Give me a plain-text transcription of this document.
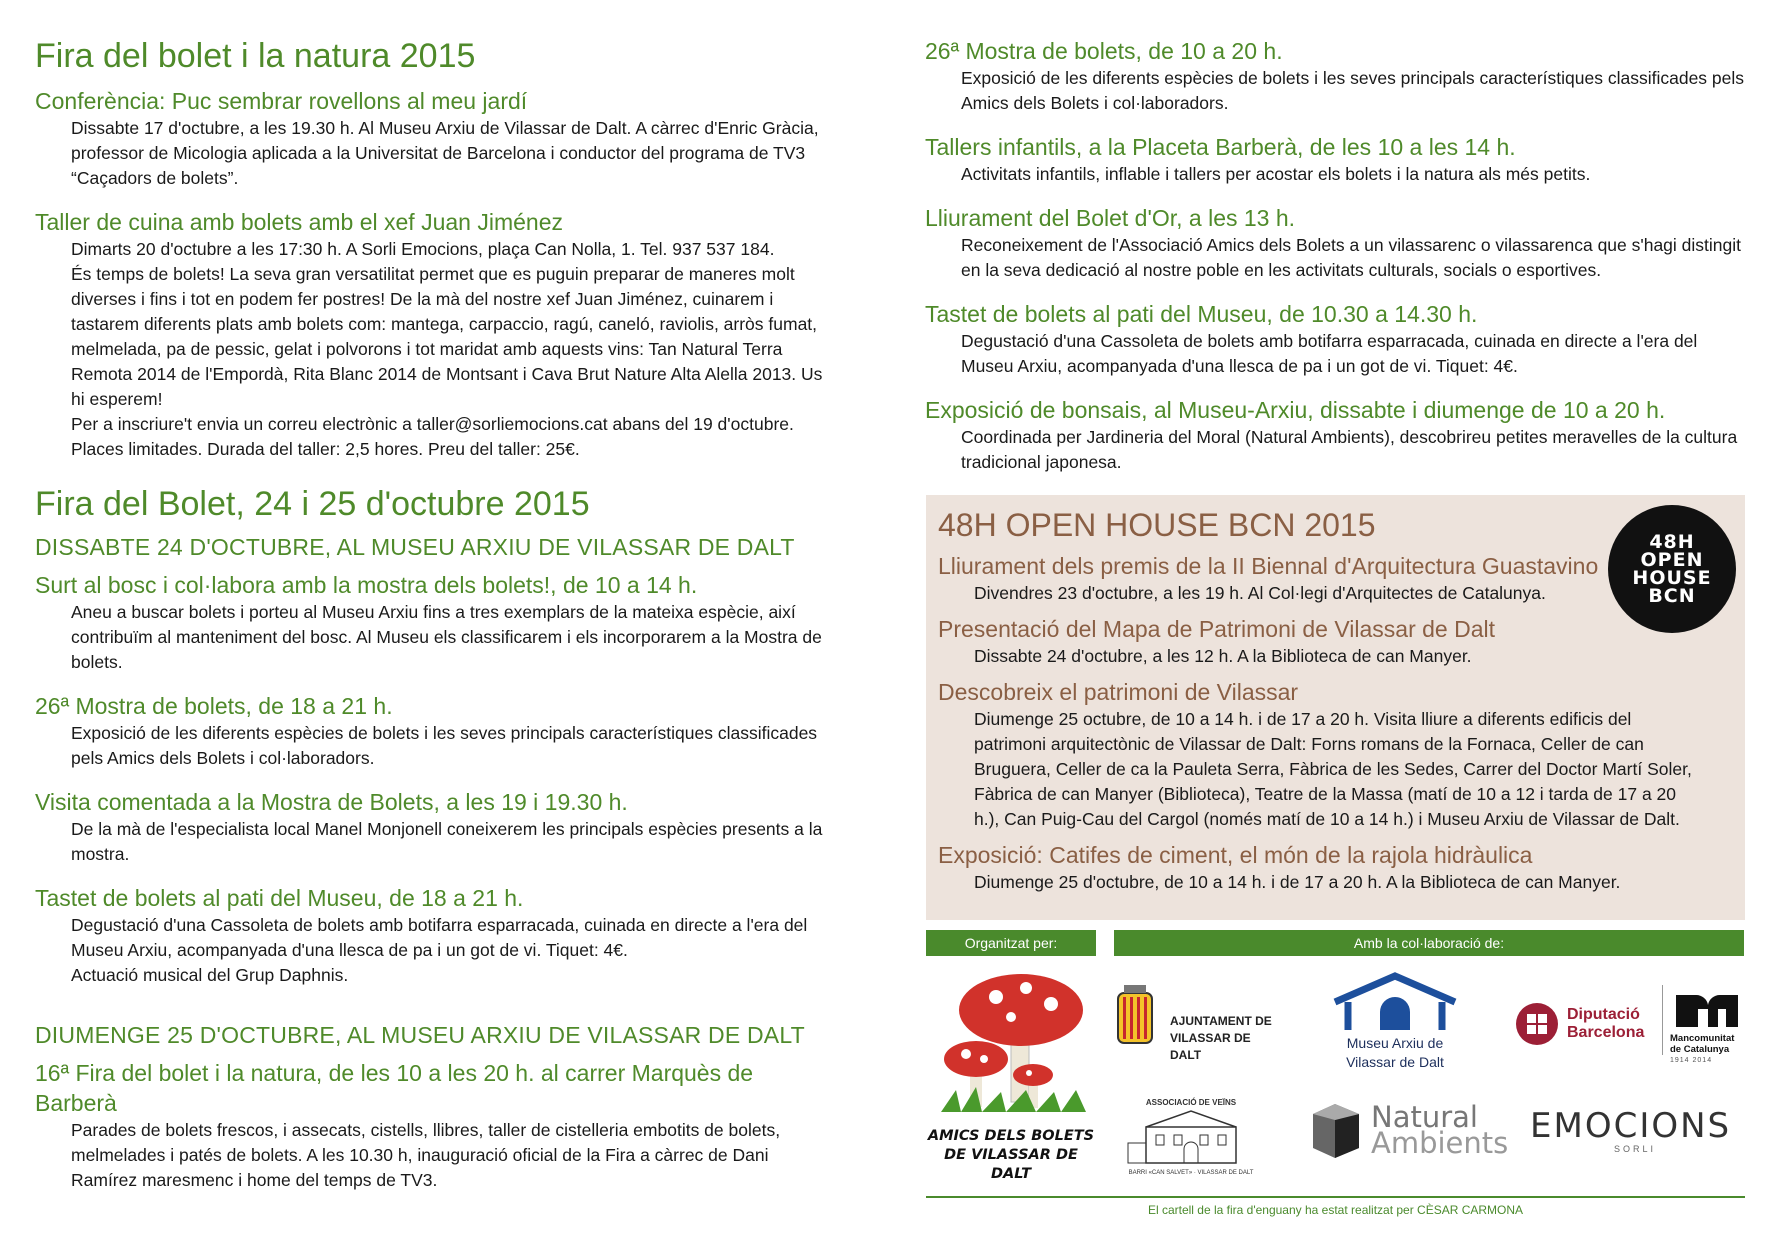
Fira del bolet i la natura 2015
Conferència: Puc sembrar rovellons al meu jardí

Dissabte 17 d'octubre, a les 19.30 h. Al Museu Arxiu de Vilassar de Dalt. A càrrec d'Enric Gràcia, professor de Micologia aplicada a la Universitat de Barcelona i conductor del programa de TV3 “Caçadors de bolets”.

Taller de cuina amb bolets amb el xef Juan Jiménez

Dimarts 20 d'octubre a les 17:30 h. A Sorli Emocions, plaça Can Nolla, 1. Tel. 937 537 184.

És temps de bolets! La seva gran versatilitat permet que es puguin preparar de maneres molt diverses i fins i tot en podem fer postres! De la mà del nostre xef Juan Jiménez, cuinarem i tastarem diferents plats amb bolets com: mantega, carpaccio, ragú, caneló, raviolis, arròs fumat, melmelada, pa de pessic, gelat i polvorons i tot maridat amb aquests vins: Tan Natural Terra Remota 2014 de l'Empordà, Rita Blanc 2014 de Montsant i Cava Brut Nature Alta Alella 2013. Us hi esperem!

Per a inscriure't envia un correu electrònic a taller@sorliemocions.cat abans del 19 d'octubre. Places limitades. Durada del taller: 2,5 hores. Preu del taller: 25€.

Fira del Bolet, 24 i 25 d'octubre 2015
DISSABTE 24 D'OCTUBRE, AL MUSEU ARXIU DE VILASSAR DE DALT
Surt al bosc i col·labora amb la mostra dels bolets!, de 10 a 14 h.

Aneu a buscar bolets i porteu al Museu Arxiu fins a tres exemplars de la mateixa espècie, així contribuïm al manteniment del bosc. Al Museu els classificarem i els incorporarem a la Mostra de bolets.

26ª Mostra de bolets, de 18 a 21 h.

Exposició de les diferents espècies de bolets i les seves principals característiques classificades pels Amics dels Bolets i col·laboradors.

Visita comentada a la Mostra de Bolets, a les 19 i 19.30 h.

De la mà de l'especialista local Manel Monjonell coneixerem les principals espècies presents a la mostra.

Tastet de bolets al pati del Museu, de 18 a 21 h.

Degustació d'una Cassoleta de bolets amb botifarra esparracada, cuinada en directe a l'era del Museu Arxiu, acompanyada d'una llesca de pa i un got de vi. Tiquet: 4€.

Actuació musical del Grup Daphnis.

DIUMENGE 25 D'OCTUBRE, AL MUSEU ARXIU DE VILASSAR DE DALT
16ª Fira del bolet i la natura, de les 10 a les 20 h. al carrer Marquès de Barberà

Parades de bolets frescos, i assecats, cistells, llibres, taller de cistelleria embotits de bolets, melmelades i patés de bolets. A les 10.30 h, inauguració oficial de la Fira a càrrec de Dani Ramírez maresmenc i home del temps de TV3.

26ª Mostra de bolets, de 10 a 20 h.

Exposició de les diferents espècies de bolets i les seves principals característiques classificades pels Amics dels Bolets i col·laboradors.

Tallers infantils, a la Placeta Barberà, de les 10 a les 14 h.

Activitats infantils, inflable i tallers per acostar els bolets i la natura als més petits.

Lliurament del Bolet d'Or, a les 13 h.

Reconeixement de l'Associació Amics dels Bolets a un vilassarenc o vilassarenca que s'hagi distingit en la seva dedicació al nostre poble en les activitats culturals, socials o esportives.

Tastet de bolets al pati del Museu, de 10.30 a 14.30 h.

Degustació d'una Cassoleta de bolets amb botifarra esparracada, cuinada en directe a l'era del Museu Arxiu, acompanyada d'una llesca de pa i un got de vi. Tiquet: 4€.

Exposició de bonsais, al Museu-Arxiu, dissabte i diumenge de 10 a 20 h.

Coordinada per Jardineria del Moral (Natural Ambients), descobrireu petites meravelles de la cultura tradicional japonesa.

48H OPEN HOUSE BCN 2015
Lliurament dels premis de la II Biennal d'Arquitectura Guastavino

Divendres 23 d'octubre, a les 19 h. Al Col·legi d'Arquitectes de Catalunya.

Presentació del Mapa de Patrimoni de Vilassar de Dalt

Dissabte 24 d'octubre, a les 12 h. A la Biblioteca de can Manyer.

Descobreix el patrimoni de Vilassar

Diumenge 25 octubre, de 10 a 14 h. i de 17 a 20 h. Visita lliure a diferents edificis del patrimoni arquitectònic de Vilassar de Dalt: Forns romans de la Fornaca, Celler de can Bruguera, Celler de ca la Pauleta Serra, Fàbrica de les Sedes, Carrer del Doctor Martí Soler, Fàbrica de can Manyer (Biblioteca), Teatre de la Massa (matí de 10 a 12 i tarda de 17 a 20 h.), Can Puig-Cau del Cargol (només matí de 10 a 14 h.) i Museu Arxiu de Vilassar de Dalt.

Exposició: Catifes de ciment, el món de la rajola hidràulica

Diumenge 25 d'octubre, de 10 a 14 h. i de 17 a 20 h. A la Biblioteca de can Manyer.

48H
OPEN
HOUSE
BCN
Organitzat per:	Amb la col·laboració de:
AMICS DELS BOLETS DE VILASSAR DE DALT
AJUNTAMENT DE VILASSAR DE DALT
Museu Arxiu de
Vilassar de Dalt
Diputació
Barcelona	Mancomunitat
de Catalunya
1914 2014
ASSOCIACIÓ DE VEÏNS
BARRI «CAN SALVET» · VILASSAR DE DALT
Natural
Ambients EMOCIONS
SORLI
El cartell de la fira d'enguany ha estat realitzat per CÈSAR CARMONA
